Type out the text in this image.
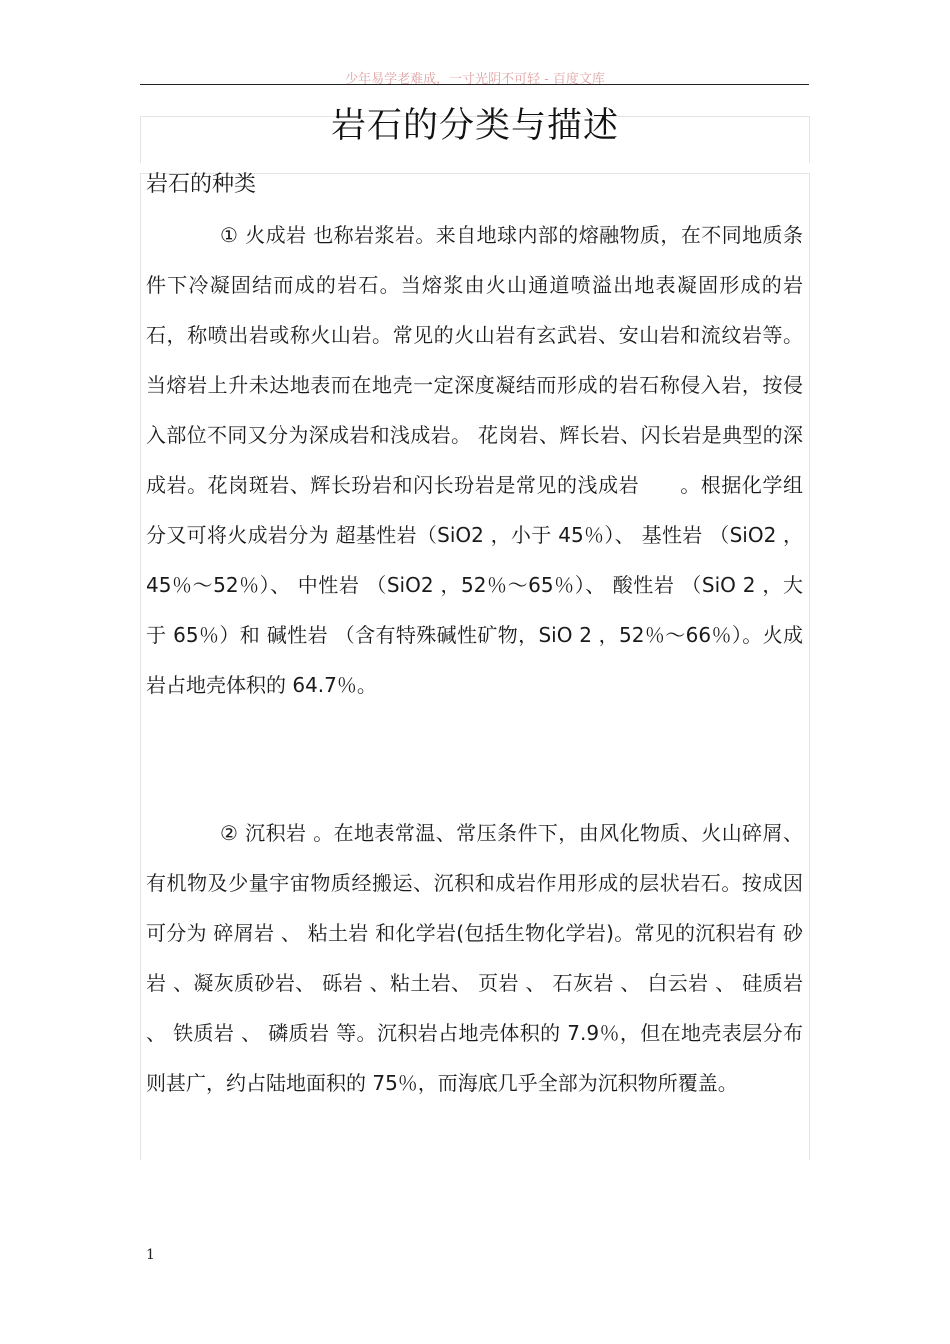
少年易学老难成，一寸光阴不可轻 - 百度文库
岩石的分类与描述
岩石的种类

① 火成岩 也称岩浆岩。来自地球内部的熔融物质，在不同地质条件下冷凝固结而成的岩石。当熔浆由火山通道喷溢出地表凝固形成的岩石，称喷出岩或称火山岩。常见的火山岩有玄武岩、安山岩和流纹岩等。当熔岩上升未达地表而在地壳一定深度凝结而形成的岩石称侵入岩，按侵入部位不同又分为深成岩和浅成岩。 花岗岩、辉长岩、闪长岩是典型的深成岩。花岗斑岩、辉长玢岩和闪长玢岩是常见的浅成岩　　。根据化学组分又可将火成岩分为 超基性岩（SiO2 ，小于 45％）、 基性岩 （SiO2 ，45％～52％）、 中性岩 （SiO2 ，52％～65％）、 酸性岩 （SiO 2 ，大于 65％）和 碱性岩 （含有特殊碱性矿物，SiO 2 ，52％～66％）。火成岩占地壳体积的 64.7％。

② 沉积岩 。在地表常温、常压条件下，由风化物质、火山碎屑、有机物及少量宇宙物质经搬运、沉积和成岩作用形成的层状岩石。按成因可分为 碎屑岩 、 粘土岩 和化学岩(包括生物化学岩)。常见的沉积岩有 砂岩 、凝灰质砂岩、 砾岩 、粘土岩、 页岩 、 石灰岩 、 白云岩 、 硅质岩 、 铁质岩 、 磷质岩 等。沉积岩占地壳体积的 7.9％，但在地壳表层分布则甚广，约占陆地面积的 75％，而海底几乎全部为沉积物所覆盖。

1
